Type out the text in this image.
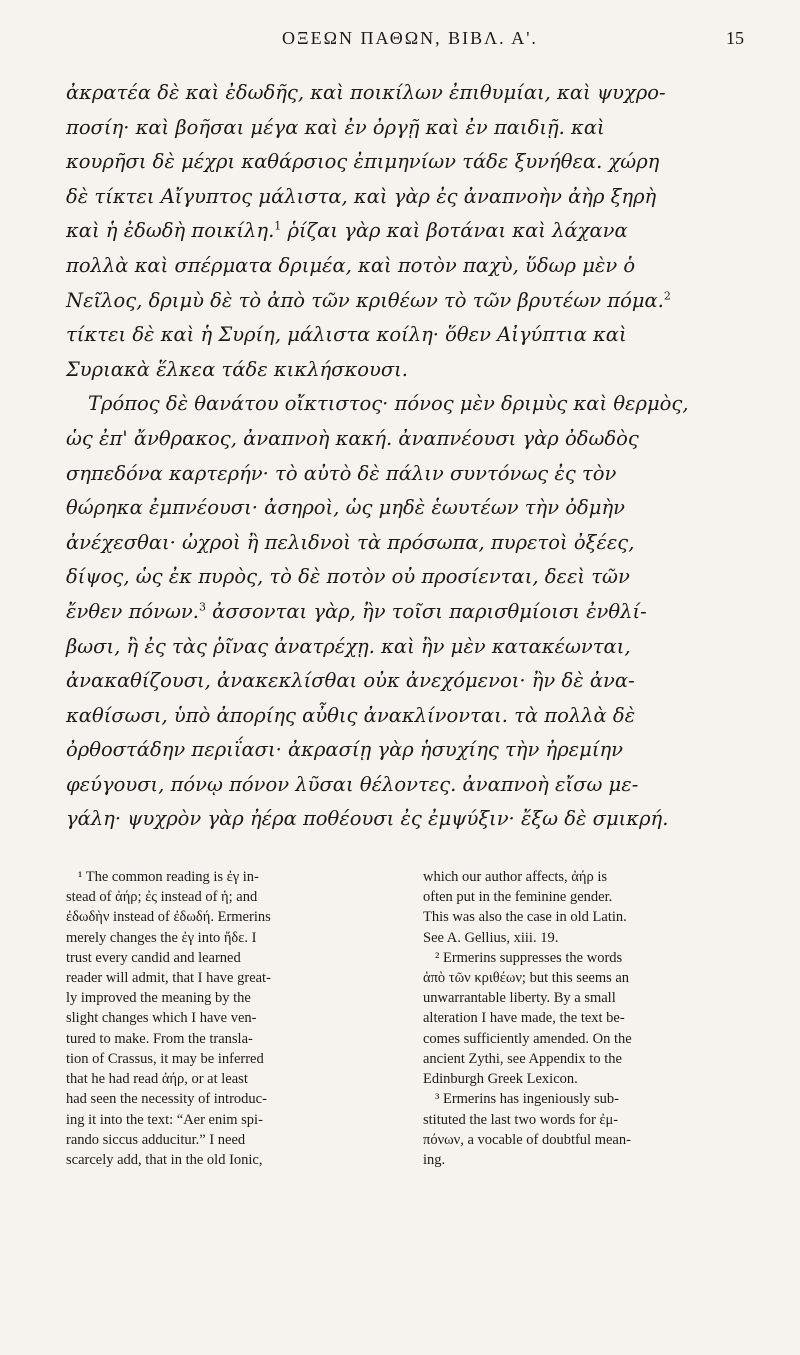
ΟΞΕΩΝ ΠΑΘΩΝ, ΒΙΒΛ. Α'.	15

ἀκρατέα δὲ καὶ ἐδωδῆς, καὶ ποικίλων ἐπιθυμίαι, καὶ ψυχρο-
ποσίη· καὶ βοῆσαι μέγα καὶ ἐν ὀργῇ καὶ ἐν παιδιῇ. καὶ
κουρῆσι δὲ μέχρι καθάρσιος ἐπιμηνίων τάδε ξυνήθεα. χώρη
δὲ τίκτει Αἴγυπτος μάλιστα, καὶ γὰρ ἐς ἀναπνοὴν ἀὴρ ξηρὴ
καὶ ἡ ἐδωδὴ ποικίλη.$^1$ ῥίζαι γὰρ καὶ βοτάναι καὶ λάχανα
πολλὰ καὶ σπέρματα δριμέα, καὶ ποτὸν παχὺ, ὕδωρ μὲν ὁ
Νεῖλος, δριμὺ δὲ τὸ ἀπὸ τῶν κριθέων τὸ τῶν βρυτέων πόμα.$^2$
τίκτει δὲ καὶ ἡ Συρίη, μάλιστα κοίλη· ὅθεν Αἰγύπτια καὶ
Συριακὰ ἕλκεα τάδε κικλήσκουσι.

Τρόπος δὲ θανάτου οἴκτιστος· πόνος μὲν δριμὺς καὶ θερμὸς,
ὡς ἐπ' ἄνθρακος, ἀναπνοὴ κακή. ἀναπνέουσι γὰρ ὀδωδὸς
σηπεδόνα καρτερήν· τὸ αὐτὸ δὲ πάλιν συντόνως ἐς τὸν
θώρηκα ἐμπνέουσι· ἀσηροὶ, ὡς μηδὲ ἑωυτέων τὴν ὀδμὴν
ἀνέχεσθαι· ὠχροὶ ἢ πελιδνοὶ τὰ πρόσωπα, πυρετοὶ ὀξέες,
δίψος, ὡς ἐκ πυρὸς, τὸ δὲ ποτὸν οὐ προσίενται, δεεὶ τῶν
ἔνθεν πόνων.$^3$ ἀσσονται γὰρ, ἢν τοῖσι παρισθμίοισι ἐνθλί-
βωσι, ἢ ἐς τὰς ῥῖνας ἀνατρέχῃ. καὶ ἢν μὲν κατακέωνται,
ἀνακαθίζουσι, ἀνακεκλίσθαι οὐκ ἀνεχόμενοι· ἢν δὲ ἀνα-
καθίσωσι, ὑπὸ ἀπορίης αὖθις ἀνακλίνονται. τὰ πολλὰ δὲ
ὀρθοστάδην περιΐασι· ἀκρασίῃ γὰρ ἡσυχίης τὴν ἠρεμίην
φεύγουσι, πόνῳ πόνον λῦσαι θέλοντες. ἀναπνοὴ εἴσω με-
γάλη· ψυχρὸν γὰρ ἠέρα ποθέουσι ἐς ἐμψύξιν· ἔξω δὲ σμικρή.

¹ The common reading is ἐγ in-
stead of ἀήρ; ἐς instead of ἡ; and
ἐδωδὴν instead of ἐδωδή. Ermerins
merely changes the ἐγ into ἤδε. I
trust every candid and learned
reader will admit, that I have great-
ly improved the meaning by the
slight changes which I have ven-
tured to make. From the transla-
tion of Crassus, it may be inferred
that he had read ἀήρ, or at least
had seen the necessity of introduc-
ing it into the text: “Aer enim spi-
rando siccus adducitur.” I need
scarcely add, that in the old Ionic,

which our author affects, ἀήρ is
often put in the feminine gender.
This was also the case in old Latin.
See A. Gellius, xiii. 19.

² Ermerins suppresses the words
ἀπὸ τῶν κριθέων; but this seems an
unwarrantable liberty. By a small
alteration I have made, the text be-
comes sufficiently amended. On the
ancient Zythi, see Appendix to the
Edinburgh Greek Lexicon.

³ Ermerins has ingeniously sub-
stituted the last two words for ἐμ-
πόνων, a vocable of doubtful mean-
ing.
